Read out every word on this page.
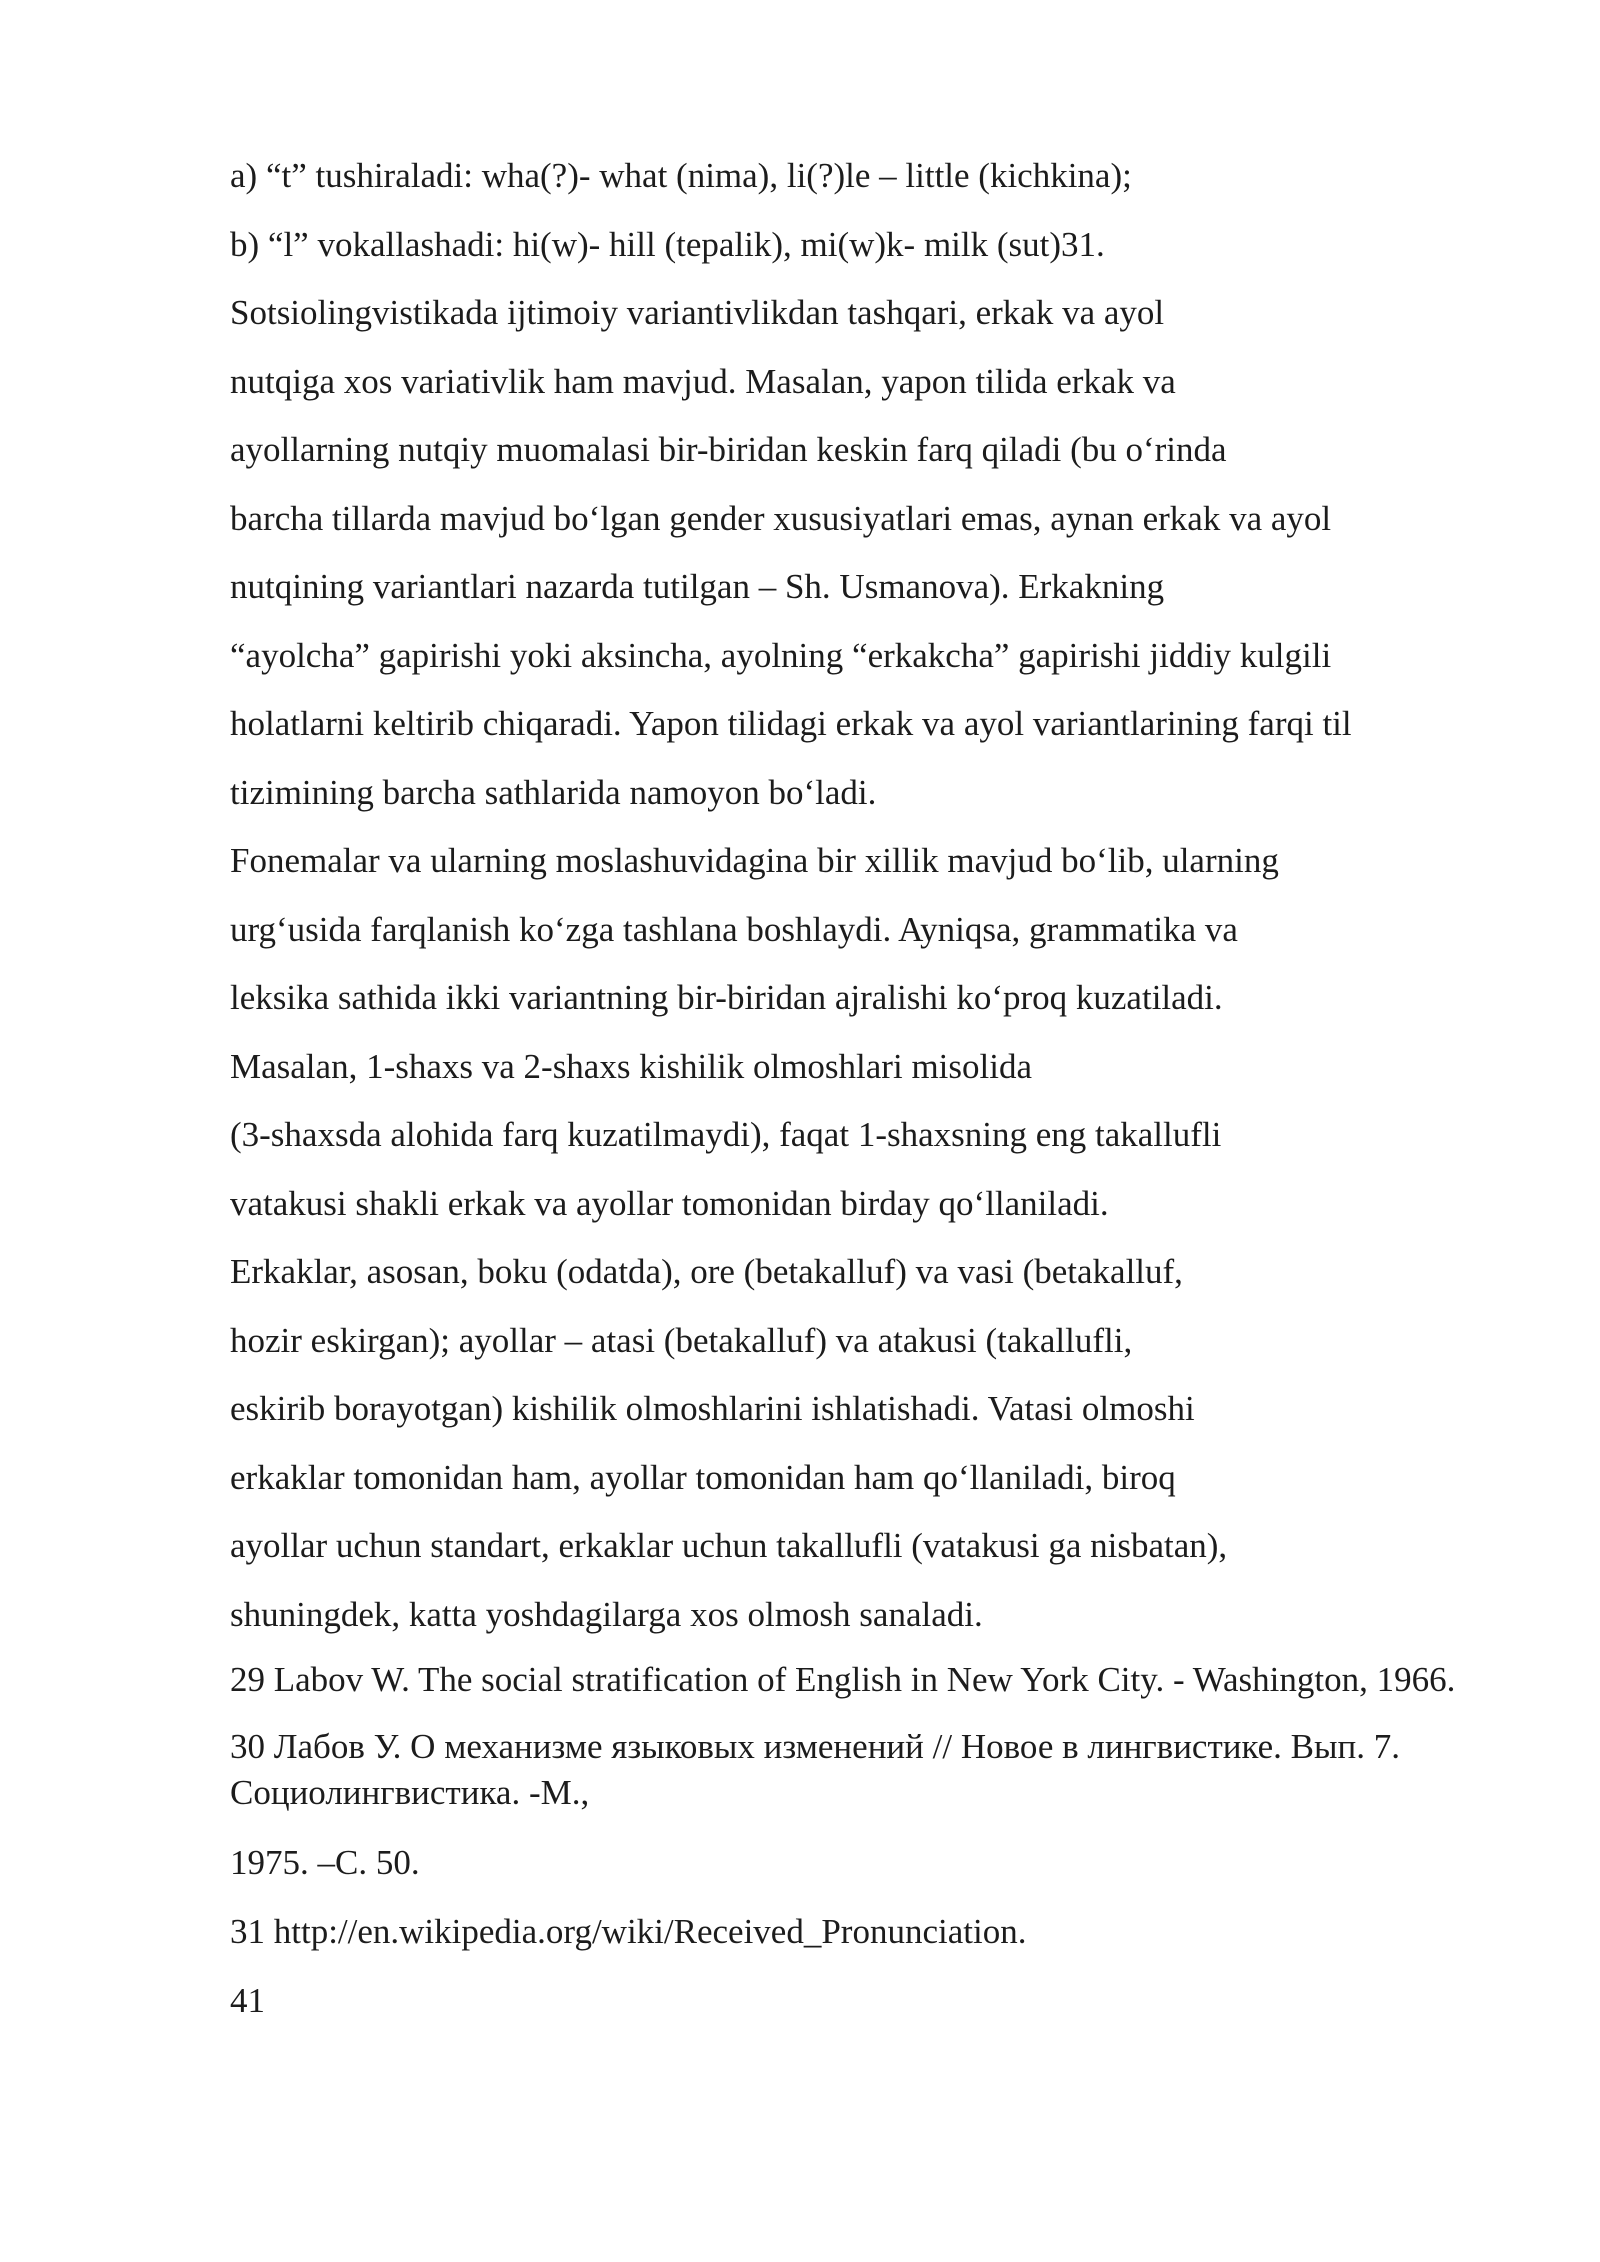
a) “t” tushiraladi: wha(?)- what (nima), li(?)le – little (kichkina);
b) “l” vokallashadi: hi(w)- hill (tepalik), mi(w)k- milk (sut)31.
Sotsiolingvistikada ijtimoiy variantivlikdan tashqari, erkak va ayol
nutqiga xos variativlik ham mavjud. Masalan, yapon tilida erkak va
ayollarning nutqiy muomalasi bir-biridan keskin farq qiladi (bu o‘rinda
barcha tillarda mavjud bo‘lgan gender xususiyatlari emas, aynan erkak va ayol
nutqining variantlari nazarda tutilgan – Sh. Usmanova). Erkakning
“ayolcha” gapirishi yoki aksincha, ayolning “erkakcha” gapirishi jiddiy kulgili
holatlarni keltirib chiqaradi. Yapon tilidagi erkak va ayol variantlarining farqi til
tizimining barcha sathlarida namoyon bo‘ladi.
Fonemalar va ularning moslashuvidagina bir xillik mavjud bo‘lib, ularning
urg‘usida farqlanish ko‘zga tashlana boshlaydi. Ayniqsa, grammatika va
leksika sathida ikki variantning bir-biridan ajralishi ko‘proq kuzatiladi.
Masalan, 1-shaxs va 2-shaxs kishilik olmoshlari misolida
(3-shaxsda alohida farq kuzatilmaydi), faqat 1-shaxsning eng takallufli
vatakusi shakli erkak va ayollar tomonidan birday qo‘llaniladi.
Erkaklar, asosan, boku (odatda), ore (betakalluf) va vasi (betakalluf,
hozir eskirgan); ayollar – atasi (betakalluf) va atakusi (takallufli,
eskirib borayotgan) kishilik olmoshlarini ishlatishadi. Vatasi olmoshi
erkaklar tomonidan ham, ayollar tomonidan ham qo‘llaniladi, biroq
ayollar uchun standart, erkaklar uchun takallufli (vatakusi ga nisbatan),
shuningdek, katta yoshdagilarga xos olmosh sanaladi.
29 Labov W. The social stratification of English in New York City. - Washington, 1966.
30 Лабов У. О механизме языковых изменений // Новое в лингвистике. Вып. 7. Социолингвистика. -М.,
1975. –С. 50.
31 http://en.wikipedia.org/wiki/Received_Pronunciation.
41
